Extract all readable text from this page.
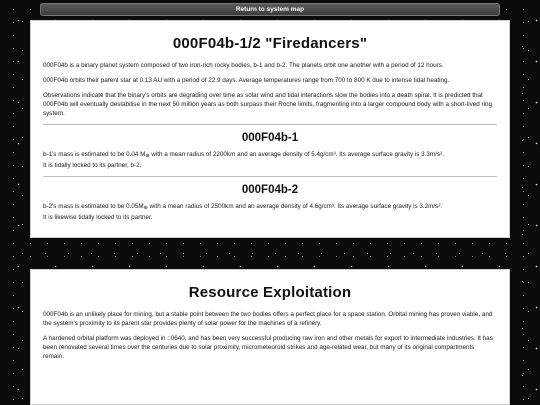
Return to system map
000F04b-1/2 "Firedancers"

000F04b is a binary planet system composed of two iron-rich rocky bodies, b-1 and b-2. The planets orbit one another with a period of 12 hours.

000F04b orbits their parent star at 0.13 AU with a period of 22.9 days. Average temperatures range from 700 to 800 K due to intense tidal heating.

Observations indicate that the binary's orbits are degrading over time as solar wind and tidal interactions slow the bodies into a death spiral. It is predicted that 000F04b will eventually destabilise in the next 50 million years as both surpass their Roche limits, fragmenting into a larger compound body with a short-lived ring system.

000F04b-1

b-1's mass is estimated to be 0.04 M⊕ with a mean radius of 2200km and an average density of 5.4g/cm³. Its average surface gravity is 3.3m/s².
It is tidally locked to its partner, b-2.

000F04b-2

b-2's mass is estimated to be 0.05M⊕ with a mean radius of 2500km and an average density of 4.6g/cm³. Its average surface gravity is 3.2m/s².
It is likewise tidally locked to its partner.

Resource Exploitation

000F04b is an unlikely place for mining, but a stable point between the two bodies offers a perfect place for a space station. Orbital mining has proven viable, and the system's proximity to its parent star provides plenty of solar power for the machines of a refinery.

A hardened orbital platform was deployed in ::0640, and has been very successful producing raw iron and other metals for export to intermediate industries. It has been renovated several times over the centuries due to solar proximity, micrometeoroid strikes and age-related wear, but many of its original compartments remain.
